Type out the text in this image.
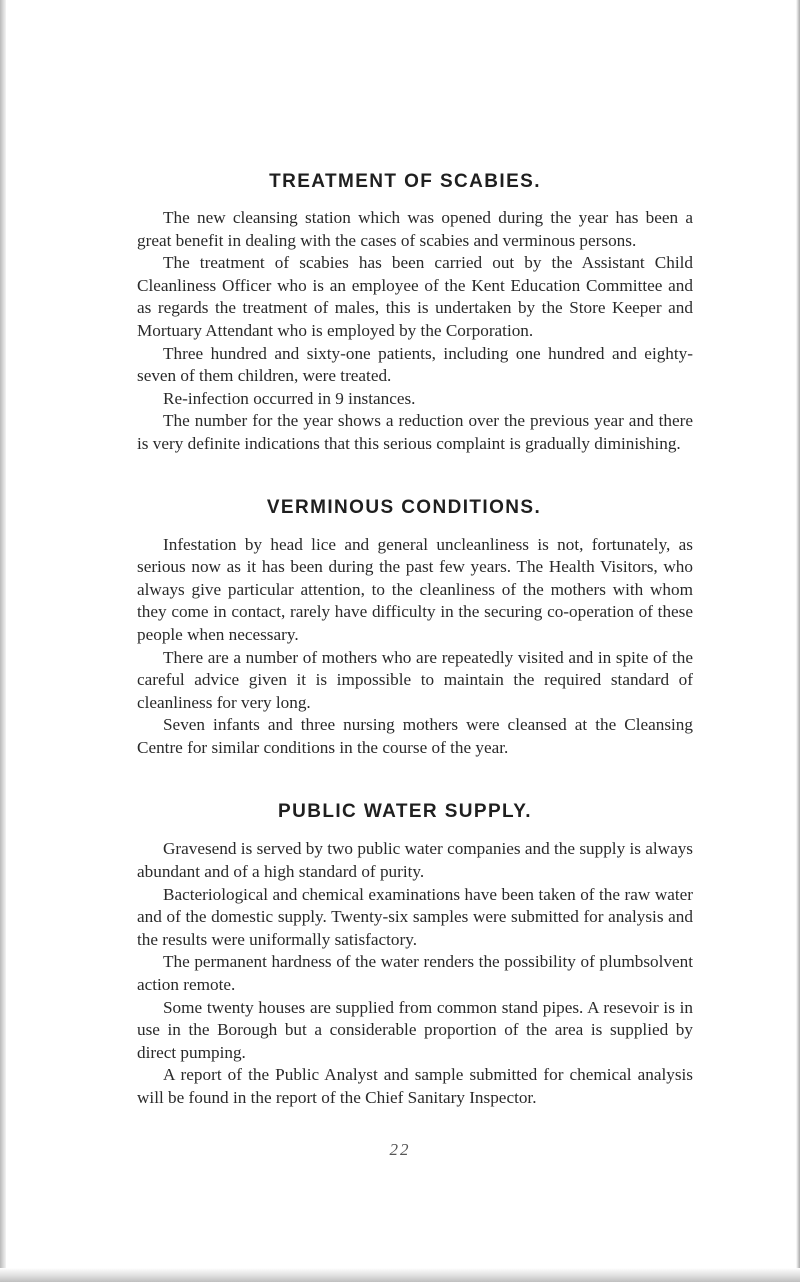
TREATMENT OF SCABIES.

The new cleansing station which was opened during the year has been a great benefit in dealing with the cases of scabies and verminous persons.

The treatment of scabies has been carried out by the Assistant Child Cleanliness Officer who is an employee of the Kent Education Committee and as regards the treatment of males, this is undertaken by the Store Keeper and Mortuary Attendant who is employed by the Corporation.

Three hundred and sixty-one patients, including one hundred and eighty-seven of them children, were treated.

Re-infection occurred in 9 instances.

The number for the year shows a reduction over the previous year and there is very definite indications that this serious complaint is gradually diminishing.

VERMINOUS CONDITIONS.

Infestation by head lice and general uncleanliness is not, fortunately, as serious now as it has been during the past few years. The Health Visitors, who always give particular attention, to the cleanliness of the mothers with whom they come in contact, rarely have difficulty in the securing co-operation of these people when necessary.

There are a number of mothers who are repeatedly visited and in spite of the careful advice given it is impossible to maintain the required standard of cleanliness for very long.

Seven infants and three nursing mothers were cleansed at the Cleansing Centre for similar conditions in the course of the year.

PUBLIC WATER SUPPLY.

Gravesend is served by two public water companies and the supply is always abundant and of a high standard of purity.

Bacteriological and chemical examinations have been taken of the raw water and of the domestic supply. Twenty-six samples were submitted for analysis and the results were uniformally satisfactory.

The permanent hardness of the water renders the possibility of plumbsolvent action remote.

Some twenty houses are supplied from common stand pipes. A resevoir is in use in the Borough but a considerable proportion of the area is supplied by direct pumping.

A report of the Public Analyst and sample submitted for chemical analysis will be found in the report of the Chief Sanitary Inspector.

22
